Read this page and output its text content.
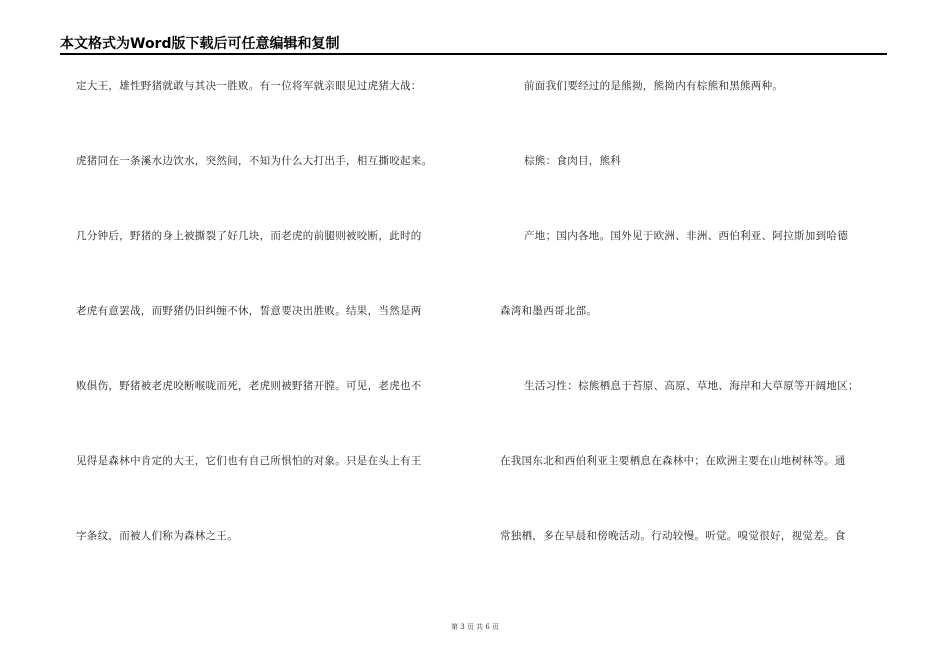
本文格式为Word版下载后可任意编辑和复制
定大王，雄性野猪就敢与其决一胜败。有一位将军就亲眼见过虎猪大战：
虎猪同在一条溪水边饮水，突然间，不知为什么大打出手，相互撕咬起来。
几分钟后，野猪的身上被撕裂了好几块，而老虎的前腿则被咬断，此时的
老虎有意罢战，而野猪仍旧纠缠不休，誓意要决出胜败。结果，当然是两
败俱伤，野猪被老虎咬断喉咙而死，老虎则被野猪开膛。可见，老虎也不
见得是森林中肯定的大王，它们也有自己所惧怕的对象。只是在头上有王
字条纹，而被人们称为森林之王。
前面我们要经过的是熊拗，熊拗内有棕熊和黑熊两种。
棕熊：食肉目，熊科
产地；国内各地。国外见于欧洲、非洲、西伯利亚、阿拉斯加到哈德
森湾和墨西哥北部。
生活习性：棕熊栖息于苔原、高原、草地、海岸和大草原等开阔地区；
在我国东北和西伯利亚主要栖息在森林中；在欧洲主要在山地树林等。通
常独栖，多在早晨和傍晚活动。行动较慢。听觉。嗅觉很好，视觉差。食
第 3 页 共 6 页
